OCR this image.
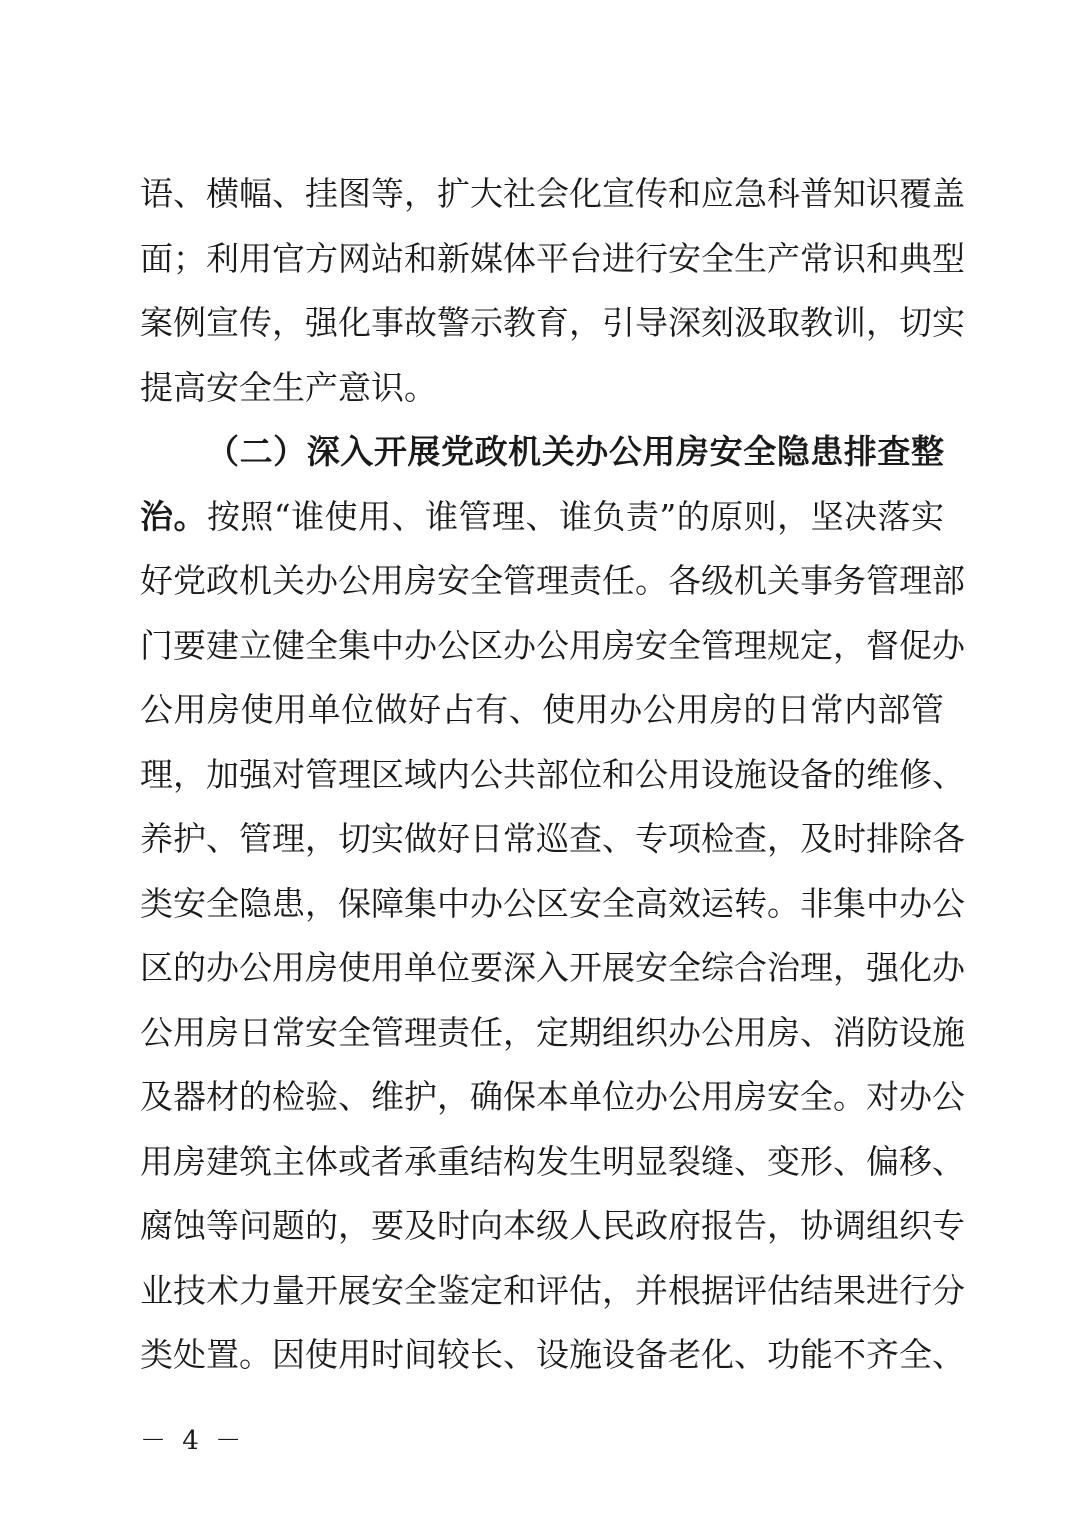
语、横幅、挂图等，扩大社会化宣传和应急科普知识覆盖
面；利用官方网站和新媒体平台进行安全生产常识和典型
案例宣传，强化事故警示教育，引导深刻汲取教训，切实
提高安全生产意识。
（二）深入开展党政机关办公用房安全隐患排查整
治。按照“谁使用、谁管理、谁负责”的原则，坚决落实
好党政机关办公用房安全管理责任。各级机关事务管理部
门要建立健全集中办公区办公用房安全管理规定，督促办
公用房使用单位做好占有、使用办公用房的日常内部管
理，加强对管理区域内公共部位和公用设施设备的维修、
养护、管理，切实做好日常巡查、专项检查，及时排除各
类安全隐患，保障集中办公区安全高效运转。非集中办公
区的办公用房使用单位要深入开展安全综合治理，强化办
公用房日常安全管理责任，定期组织办公用房、消防设施
及器材的检验、维护，确保本单位办公用房安全。对办公
用房建筑主体或者承重结构发生明显裂缝、变形、偏移、
腐蚀等问题的，要及时向本级人民政府报告，协调组织专
业技术力量开展安全鉴定和评估，并根据评估结果进行分
类处置。因使用时间较长、设施设备老化、功能不齐全、
－ 4 －
